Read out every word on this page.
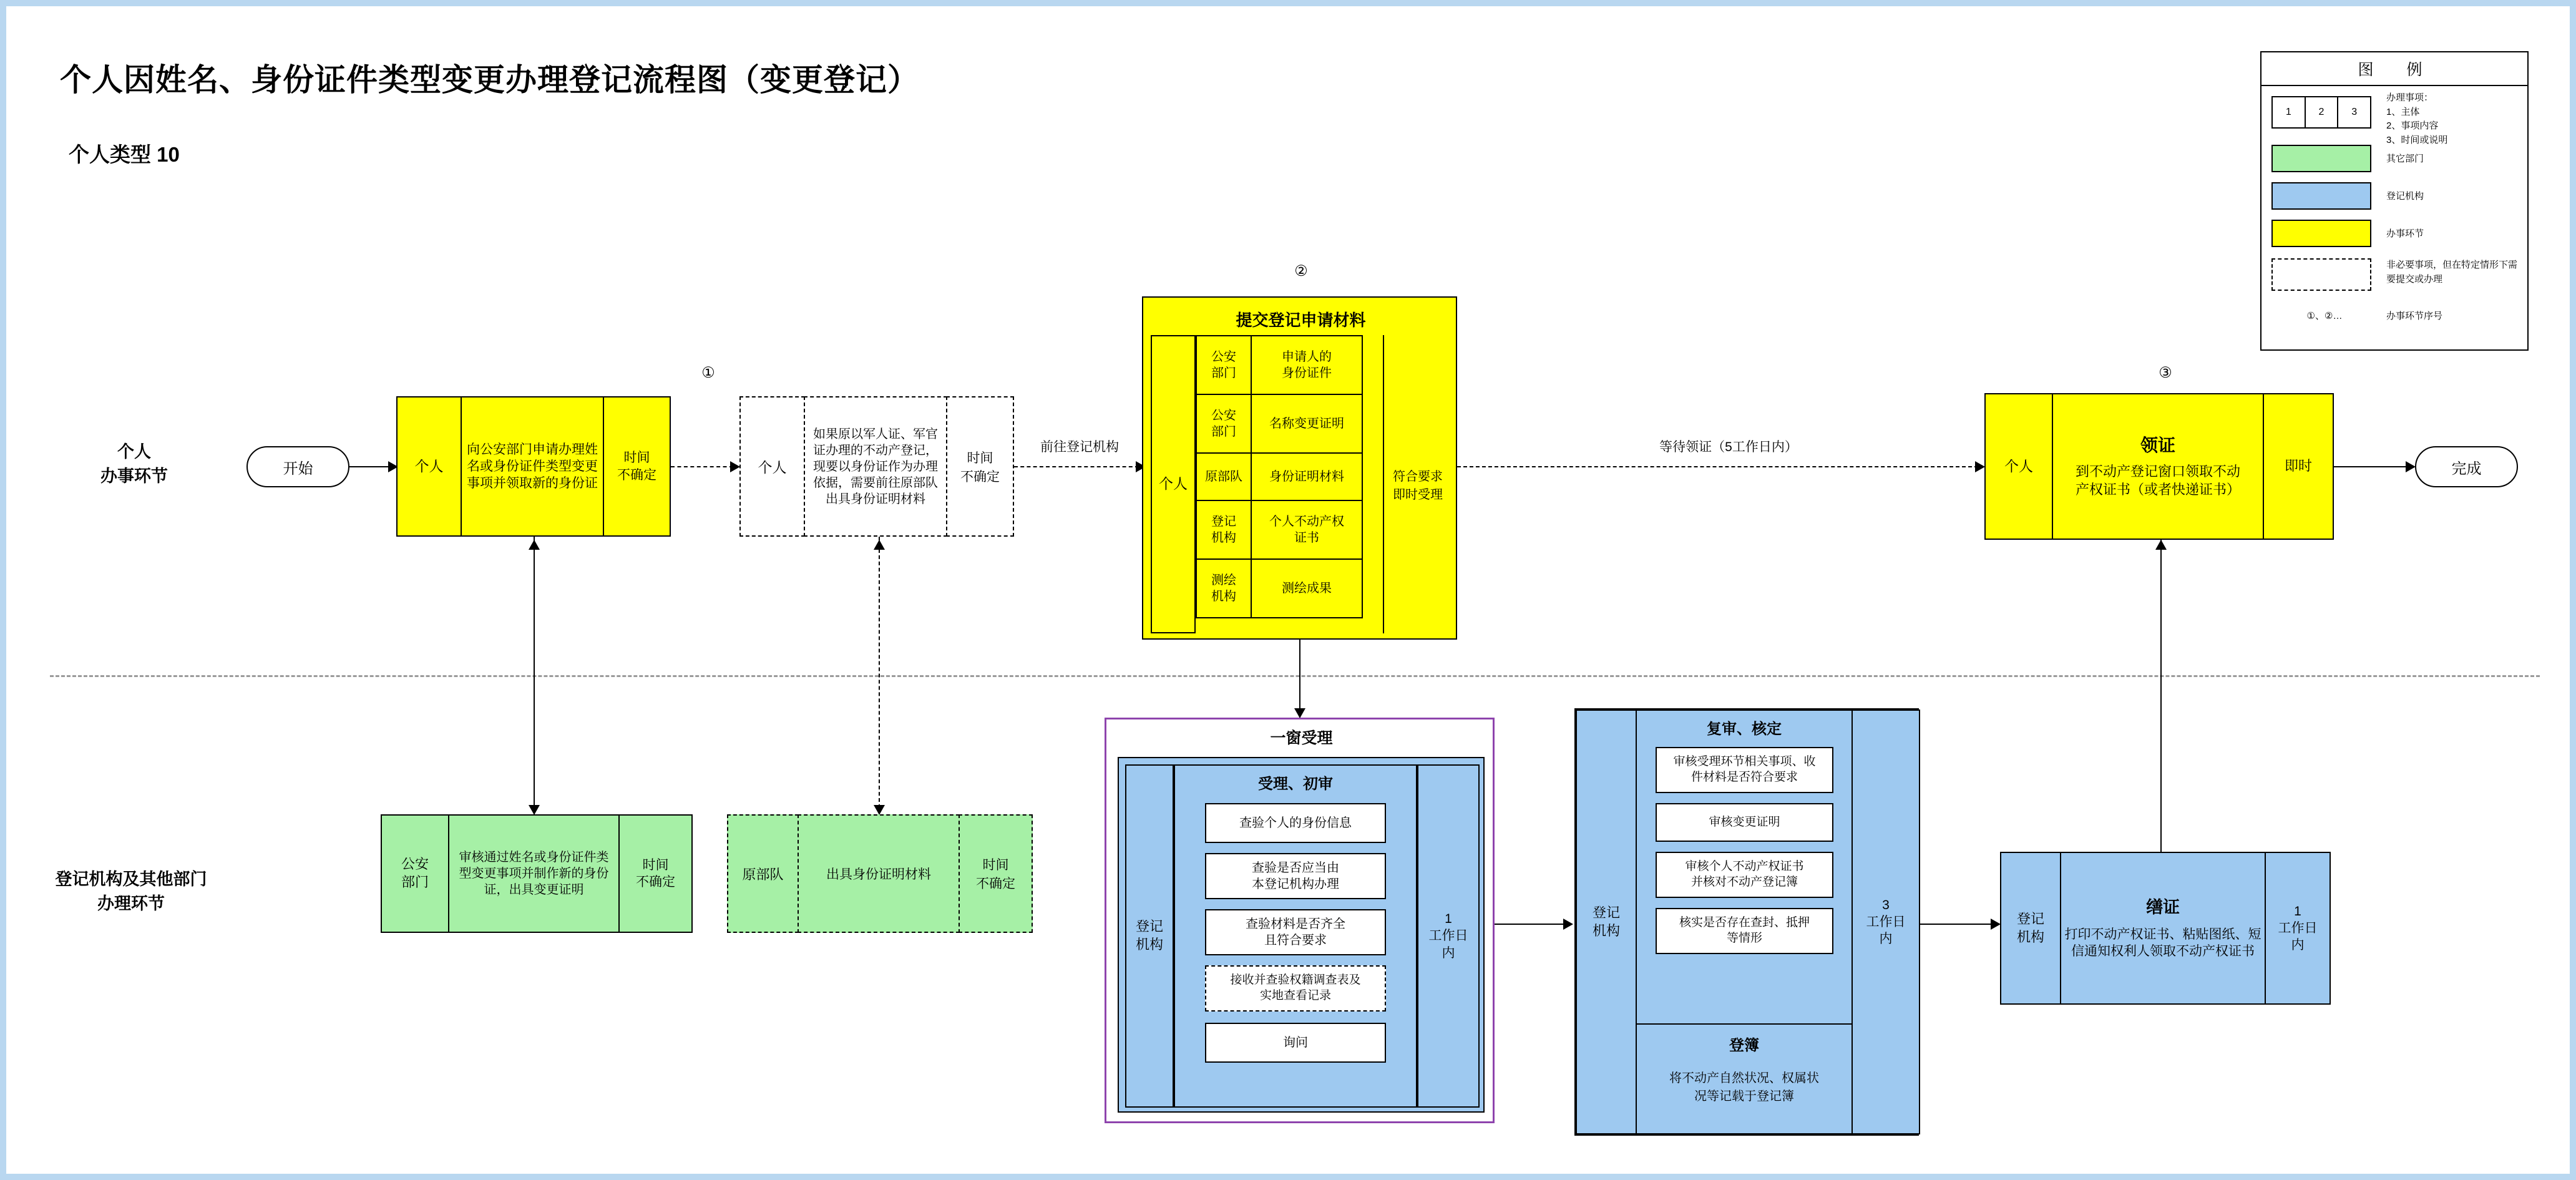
个人因姓名、身份证件类型变更办理登记流程图（变更登记）
个人类型 10
图　例
1	2	3
办理事项：
1、主体
2、事项内容
3、时间或说明
其它部门
登记机构
办事环节
非必要事项，但在特定情形下需要提交或办理
①、②…	办事环节序号
个人
办事环节
登记机构及其他部门
办理环节
①
②
③
开始	个人
向公安部门申请办理姓名或身份证件类型变更事项并领取新的身份证
时间
不确定	个人
如果原以军人证、军官证办理的不动产登记，现要以身份证作为办理依据，需要前往原部队出具身份证明材料
时间
不确定
前往登记机构
提交登记申请材料
个人
公安
部门
申请人的
身份证件
公安
部门
名称变更证明
原部队	身份证明材料
登记
机构
个人不动产权
证书
测绘
机构
测绘成果
符合要求
即时受理
等待领证（5工作日内）
个人
领证
到不动产登记窗口领取不动
产权证书（或者快递证书）
即时	完成
公安
部门
审核通过姓名或身份证件类型变更事项并制作新的身份证，出具变更证明
时间
不确定	原部队	出具身份证明材料
时间
不确定
一窗受理
登记
机构
受理、初审
查验个人的身份信息
查验是否应当由
本登记机构办理
查验材料是否齐全
且符合要求
接收并查验权籍调查表及
实地查看记录
询问
1
工作日
内
登记
机构
复审、核定
审核受理环节相关事项、收
件材料是否符合要求
审核变更证明
审核个人不动产权证书
并核对不动产登记簿
核实是否存在查封、抵押
等情形
登簿
将不动产自然状况、权属状
况等记载于登记簿
3
工作日
内
登记
机构
缮证
打印不动产权证书、粘贴图纸、短
信通知权利人领取不动产权证书
1
工作日
内
